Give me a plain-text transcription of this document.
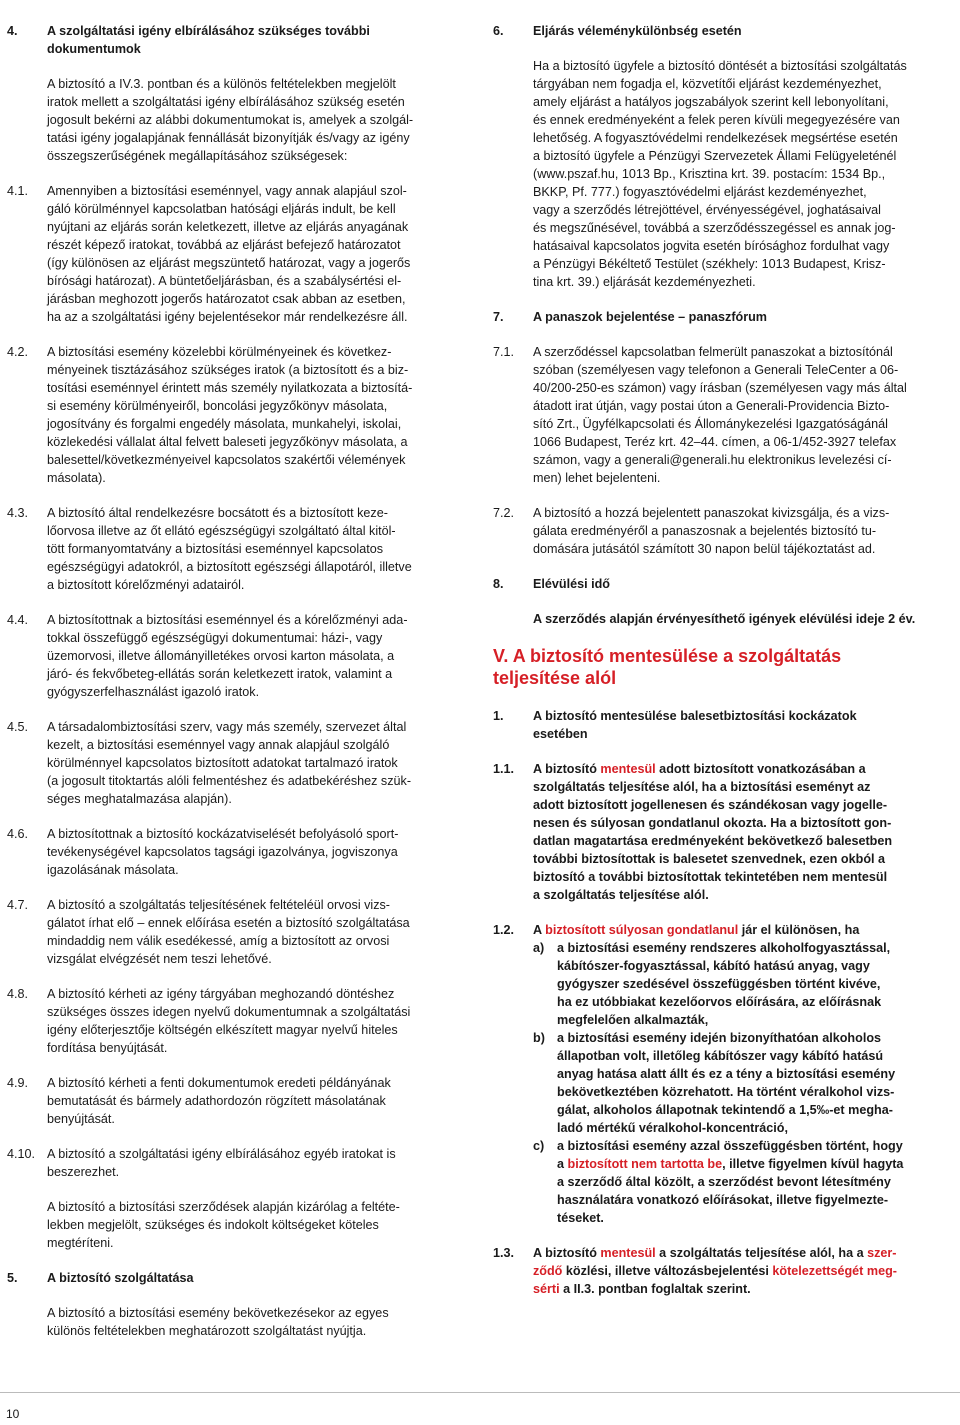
4.	A szolgáltatási igény elbírálásához szükséges további
dokumentumok

A biztosító a IV.3. pontban és a különös feltételekben megjelölt
iratok mellett a szolgáltatási igény elbírálásához szükség esetén
jogosult bekérni az alábbi dokumentumokat is, amelyek a szolgál-
tatási igény jogalapjának fennállását bizonyítják és/vagy az igény
összegszerűségének megállapításához szükségesek:

4.1.	Amennyiben a biztosítási eseménnyel, vagy annak alapjául szol-
gáló körülménnyel kapcsolatban hatósági eljárás indult, be kell
nyújtani az eljárás során keletkezett, illetve az eljárás anyagának
részét képező iratokat, továbbá az eljárást befejező határozatot
(így különösen az eljárást megszüntető határozat, vagy a jogerős
bírósági határozat). A büntetőeljárásban, és a szabálysértési el-
járásban meghozott jogerős határozatot csak abban az esetben,
ha az a szolgáltatási igény bejelentésekor már rendelkezésre áll.

4.2.	A biztosítási esemény közelebbi körülményeinek és következ-
ményeinek tisztázásához szükséges iratok (a biztosított és a biz-
tosítási eseménnyel érintett más személy nyilatkozata a biztosítá-
si esemény körülményeiről, boncolási jegyzőkönyv másolata,
jogosítvány és forgalmi engedély másolata, munkahelyi, iskolai,
közlekedési vállalat által felvett baleseti jegyzőkönyv másolata, a
balesettel/következményeivel kapcsolatos szakértői vélemények
másolata).

4.3.	A biztosító által rendelkezésre bocsátott és a biztosított keze-
lőorvosa illetve az őt ellátó egészségügyi szolgáltató által kitöl-
tött formanyomtatvány a biztosítási eseménnyel kapcsolatos
egészségügyi adatokról, a biztosított egészségi állapotáról, illetve
a biztosított kórelőzményi adatairól.

4.4.	A biztosítottnak a biztosítási eseménnyel és a kórelőzményi ada-
tokkal összefüggő egészségügyi dokumentumai: házi-, vagy
üzemorvosi, illetve állományilletékes orvosi karton másolata, a
járó- és fekvőbeteg-ellátás során keletkezett iratok, valamint a
gyógyszerfelhasználást igazoló iratok.

4.5.	A társadalombiztosítási szerv, vagy más személy, szervezet által
kezelt, a biztosítási eseménnyel vagy annak alapjául szolgáló
körülménnyel kapcsolatos biztosított adatokat tartalmazó iratok
(a jogosult titoktartás alóli felmentéshez és adatbekéréshez szük-
séges meghatalmazása alapján).

4.6.	A biztosítottnak a biztosító kockázatviselését befolyásoló sport-
tevékenységével kapcsolatos tagsági igazolványa, jogviszonya
igazolásának másolata.

4.7.	A biztosító a szolgáltatás teljesítésének feltételéül orvosi vizs-
gálatot írhat elő – ennek előírása esetén a biztosító szolgáltatása
mindaddig nem válik esedékessé, amíg a biztosított az orvosi
vizsgálat elvégzését nem teszi lehetővé.

4.8.	A biztosító kérheti az igény tárgyában meghozandó döntéshez
szükséges összes idegen nyelvű dokumentumnak a szolgáltatási
igény előterjesztője költségén elkészített magyar nyelvű hiteles
fordítása benyújtását.

4.9.	A biztosító kérheti a fenti dokumentumok eredeti példányának
bemutatását és bármely adathordozón rögzített másolatának
benyújtását.

4.10. A biztosító a szolgáltatási igény elbírálásához egyéb iratokat is
beszerezhet.

A biztosító a biztosítási szerződések alapján kizárólag a feltéte-
lekben megjelölt, szükséges és indokolt költségeket köteles
megtéríteni.

5.	A biztosító szolgáltatása

A biztosító a biztosítási esemény bekövetkezésekor az egyes
különös feltételekben meghatározott szolgáltatást nyújtja.

6.	Eljárás véleménykülönbség esetén

Ha a biztosító ügyfele a biztosító döntését a biztosítási szolgáltatás
tárgyában nem fogadja el, közvetítői eljárást kezdeményezhet,
amely eljárást a hatályos jogszabályok szerint kell lebonyolítani,
és ennek eredményeként a felek peren kívüli megegyezésére van
lehetőség. A fogyasztóvédelmi rendelkezések megsértése esetén
a biztosító ügyfele a Pénzügyi Szervezetek Állami Felügyeleténél
(www.pszaf.hu, 1013 Bp., Krisztina krt. 39. postacím: 1534 Bp.,
BKKP, Pf. 777.) fogyasztóvédelmi eljárást kezdeményezhet,
vagy a szerződés létrejöttével, érvényességével, joghatásaival
és megszűnésével, továbbá a szerződésszegéssel es annak jog-
hatásaival kapcsolatos jogvita esetén bírósághoz fordulhat vagy
a Pénzügyi Békéltető Testület (székhely: 1013 Budapest, Krisz-
tina krt. 39.) eljárását kezdeményezheti.

7.	A panaszok bejelentése – panaszfórum
7.1.	A szerződéssel kapcsolatban felmerült panaszokat a biztosítónál
szóban (személyesen vagy telefonon a Generali TeleCenter a 06-
40/200-250-es számon) vagy írásban (személyesen vagy más által
átadott irat útján, vagy postai úton a Generali-Providencia Bizto-
sító Zrt., Ügyfélkapcsolati és Állománykezelési Igazgatóságánál
1066 Budapest, Teréz krt. 42–44. címen, a 06-1/452-3927 telefax
számon, vagy a generali@generali.hu elektronikus levelezési cí-
men) lehet bejelenteni.

7.2.	A biztosító a hozzá bejelentett panaszokat kivizsgálja, és a vizs-
gálata eredményéről a panaszosnak a bejelentés biztosító tu-
domására jutásától számított 30 napon belül tájékoztatást ad.

8.	Elévülési idő

A szerződés alapján érvényesíthető igények elévülési ideje 2 év.

V. A biztosító mentesülése a szolgáltatás
teljesítése alól
1.	A biztosító mentesülése balesetbiztosítási kockázatok
esetében
1.1.	A biztosító mentesül adott biztosított vonatkozásában a
szolgáltatás teljesítése alól, ha a biztosítási eseményt az
adott biztosított jogellenesen és szándékosan vagy jogelle-
nesen és súlyosan gondatlanul okozta. Ha a biztosított gon-
datlan magatartása eredményeként bekövetkező balesetben
további biztosítottak is balesetet szenvednek, ezen okból a
biztosító a további biztosítottak tekintetében nem mentesül
a szolgáltatás teljesítése alól.

1.2.	A biztosított súlyosan gondatlanul jár el különösen, ha

a)	a biztosítási esemény rendszeres alkoholfogyasztással,
kábítószer-fogyasztással, kábító hatású anyag, vagy
gyógyszer szedésével összefüggésben történt kivéve,
ha ez utóbbiakat kezelőorvos előírására, az előírásnak
megfelelően alkalmazták,
b) a biztosítási esemény idején bizonyíthatóan alkoholos
állapotban volt, illetőleg kábítószer vagy kábító hatású
anyag hatása alatt állt és ez a tény a biztosítási esemény
bekövetkeztében közrehatott. Ha történt véralkohol vizs-
gálat, alkoholos állapotnak tekintendő a 1,5‰-et megha-
ladó mértékű véralkohol-koncentráció,
c)	a biztosítási esemény azzal összefüggésben történt, hogy
a biztosított nem tartotta be, illetve figyelmen kívül hagyta
a szerződő által közölt, a szerződést bevont létesítmény
használatára vonatkozó előírásokat, illetve figyelmezte-
téseket.
1.3.	A biztosító mentesül a szolgáltatás teljesítése alól, ha a szer-
ződő közlési, illetve változásbejelentési kötelezettségét meg-
sérti a II.3. pontban foglaltak szerint.

10
